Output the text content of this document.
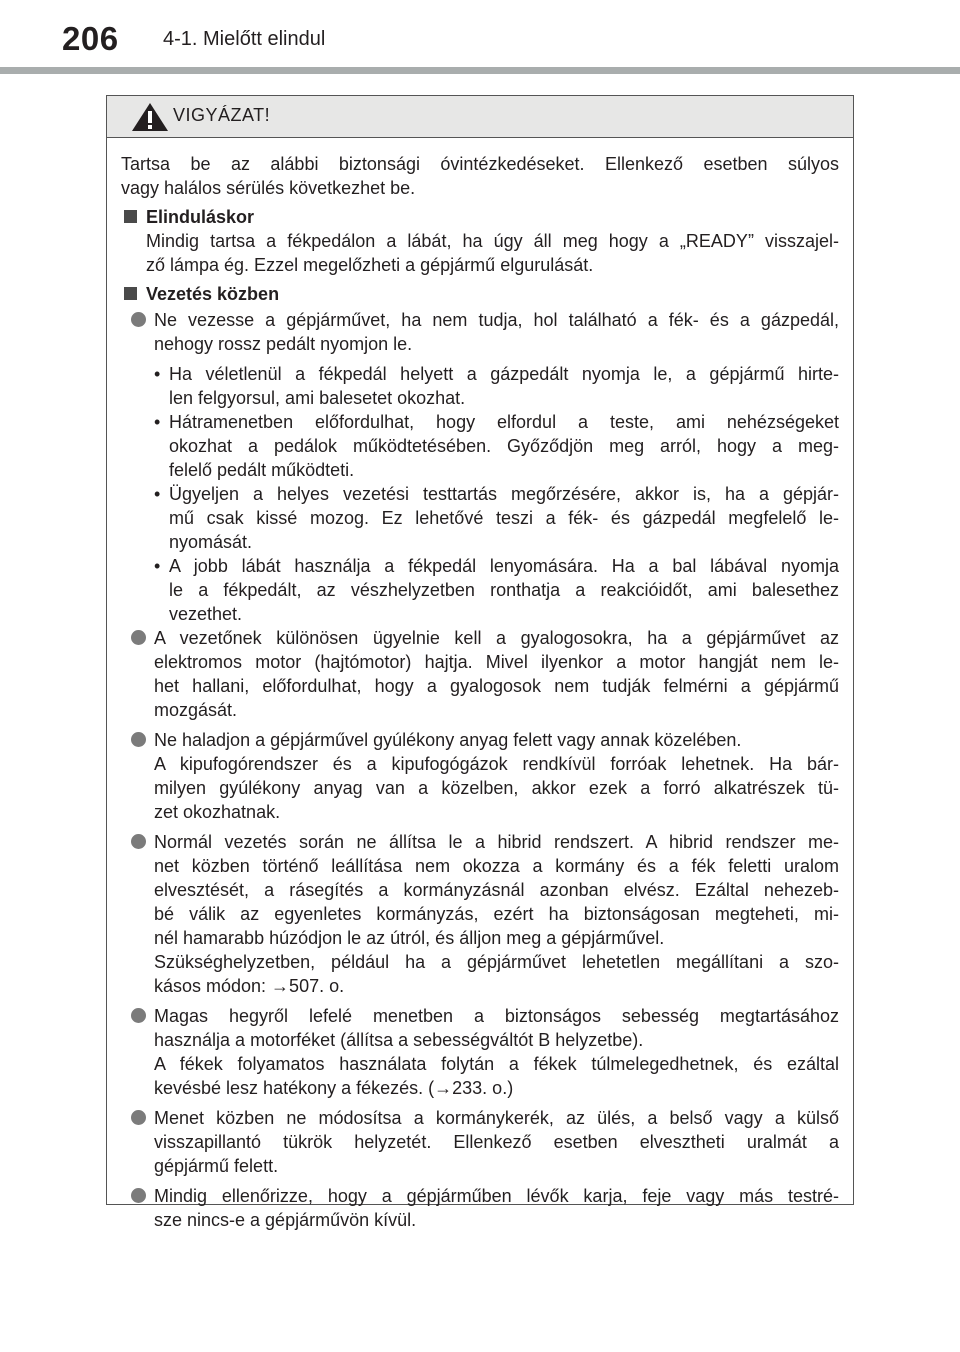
206 4-1. Mielőtt elindul
VIGYÁZAT!
Tartsa be az alábbi biztonsági óvintézkedéseket. Ellenkező esetben súlyos
vagy halálos sérülés következhet be.
Elinduláskor
Mindig tartsa a fékpedálon a lábát, ha úgy áll meg hogy a „READY” visszajel-
ző lámpa ég. Ezzel megelőzheti a gépjármű elgurulását.
Vezetés közben
Ne vezesse a gépjárművet, ha nem tudja, hol található a fék- és a gázpedál,
nehogy rossz pedált nyomjon le.
• Ha véletlenül a fékpedál helyett a gázpedált nyomja le, a gépjármű hirte-
len felgyorsul, ami balesetet okozhat.
• Hátramenetben előfordulhat, hogy elfordul a teste, ami nehézségeket
okozhat a pedálok működtetésében. Győződjön meg arról, hogy a meg-
felelő pedált működteti.
• Ügyeljen a helyes vezetési testtartás megőrzésére, akkor is, ha a gépjár-
mű csak kissé mozog. Ez lehetővé teszi a fék- és gázpedál megfelelő le-
nyomását.
• A jobb lábát használja a fékpedál lenyomására. Ha a bal lábával nyomja
le a fékpedált, az vészhelyzetben ronthatja a reakcióidőt, ami balesethez
vezethet.
A vezetőnek különösen ügyelnie kell a gyalogosokra, ha a gépjárművet az
elektromos motor (hajtómotor) hajtja. Mivel ilyenkor a motor hangját nem le-
het hallani, előfordulhat, hogy a gyalogosok nem tudják felmérni a gépjármű
mozgását.
Ne haladjon a gépjárművel gyúlékony anyag felett vagy annak közelében.
A kipufogórendszer és a kipufogógázok rendkívül forróak lehetnek. Ha bár-
milyen gyúlékony anyag van a közelben, akkor ezek a forró alkatrészek tü-
zet okozhatnak.
Normál vezetés során ne állítsa le a hibrid rendszert. A hibrid rendszer me-
net közben történő leállítása nem okozza a kormány és a fék feletti uralom
elvesztését, a rásegítés a kormányzásnál azonban elvész. Ezáltal nehezeb-
bé válik az egyenletes kormányzás, ezért ha biztonságosan megteheti, mi-
nél hamarabb húzódjon le az útról, és álljon meg a gépjárművel.
Szükséghelyzetben, például ha a gépjárművet lehetetlen megállítani a szo-
kásos módon: →507. o.
Magas hegyről lefelé menetben a biztonságos sebesség megtartásához
használja a motorféket (állítsa a sebességváltót B helyzetbe).
A fékek folyamatos használata folytán a fékek túlmelegedhetnek, és ezáltal
kevésbé lesz hatékony a fékezés. (→233. o.)
Menet közben ne módosítsa a kormánykerék, az ülés, a belső vagy a külső
visszapillantó tükrök helyzetét. Ellenkező esetben elvesztheti uralmát a
gépjármű felett.
Mindig ellenőrizze, hogy a gépjárműben lévők karja, feje vagy más testré-
sze nincs-e a gépjárművön kívül.
